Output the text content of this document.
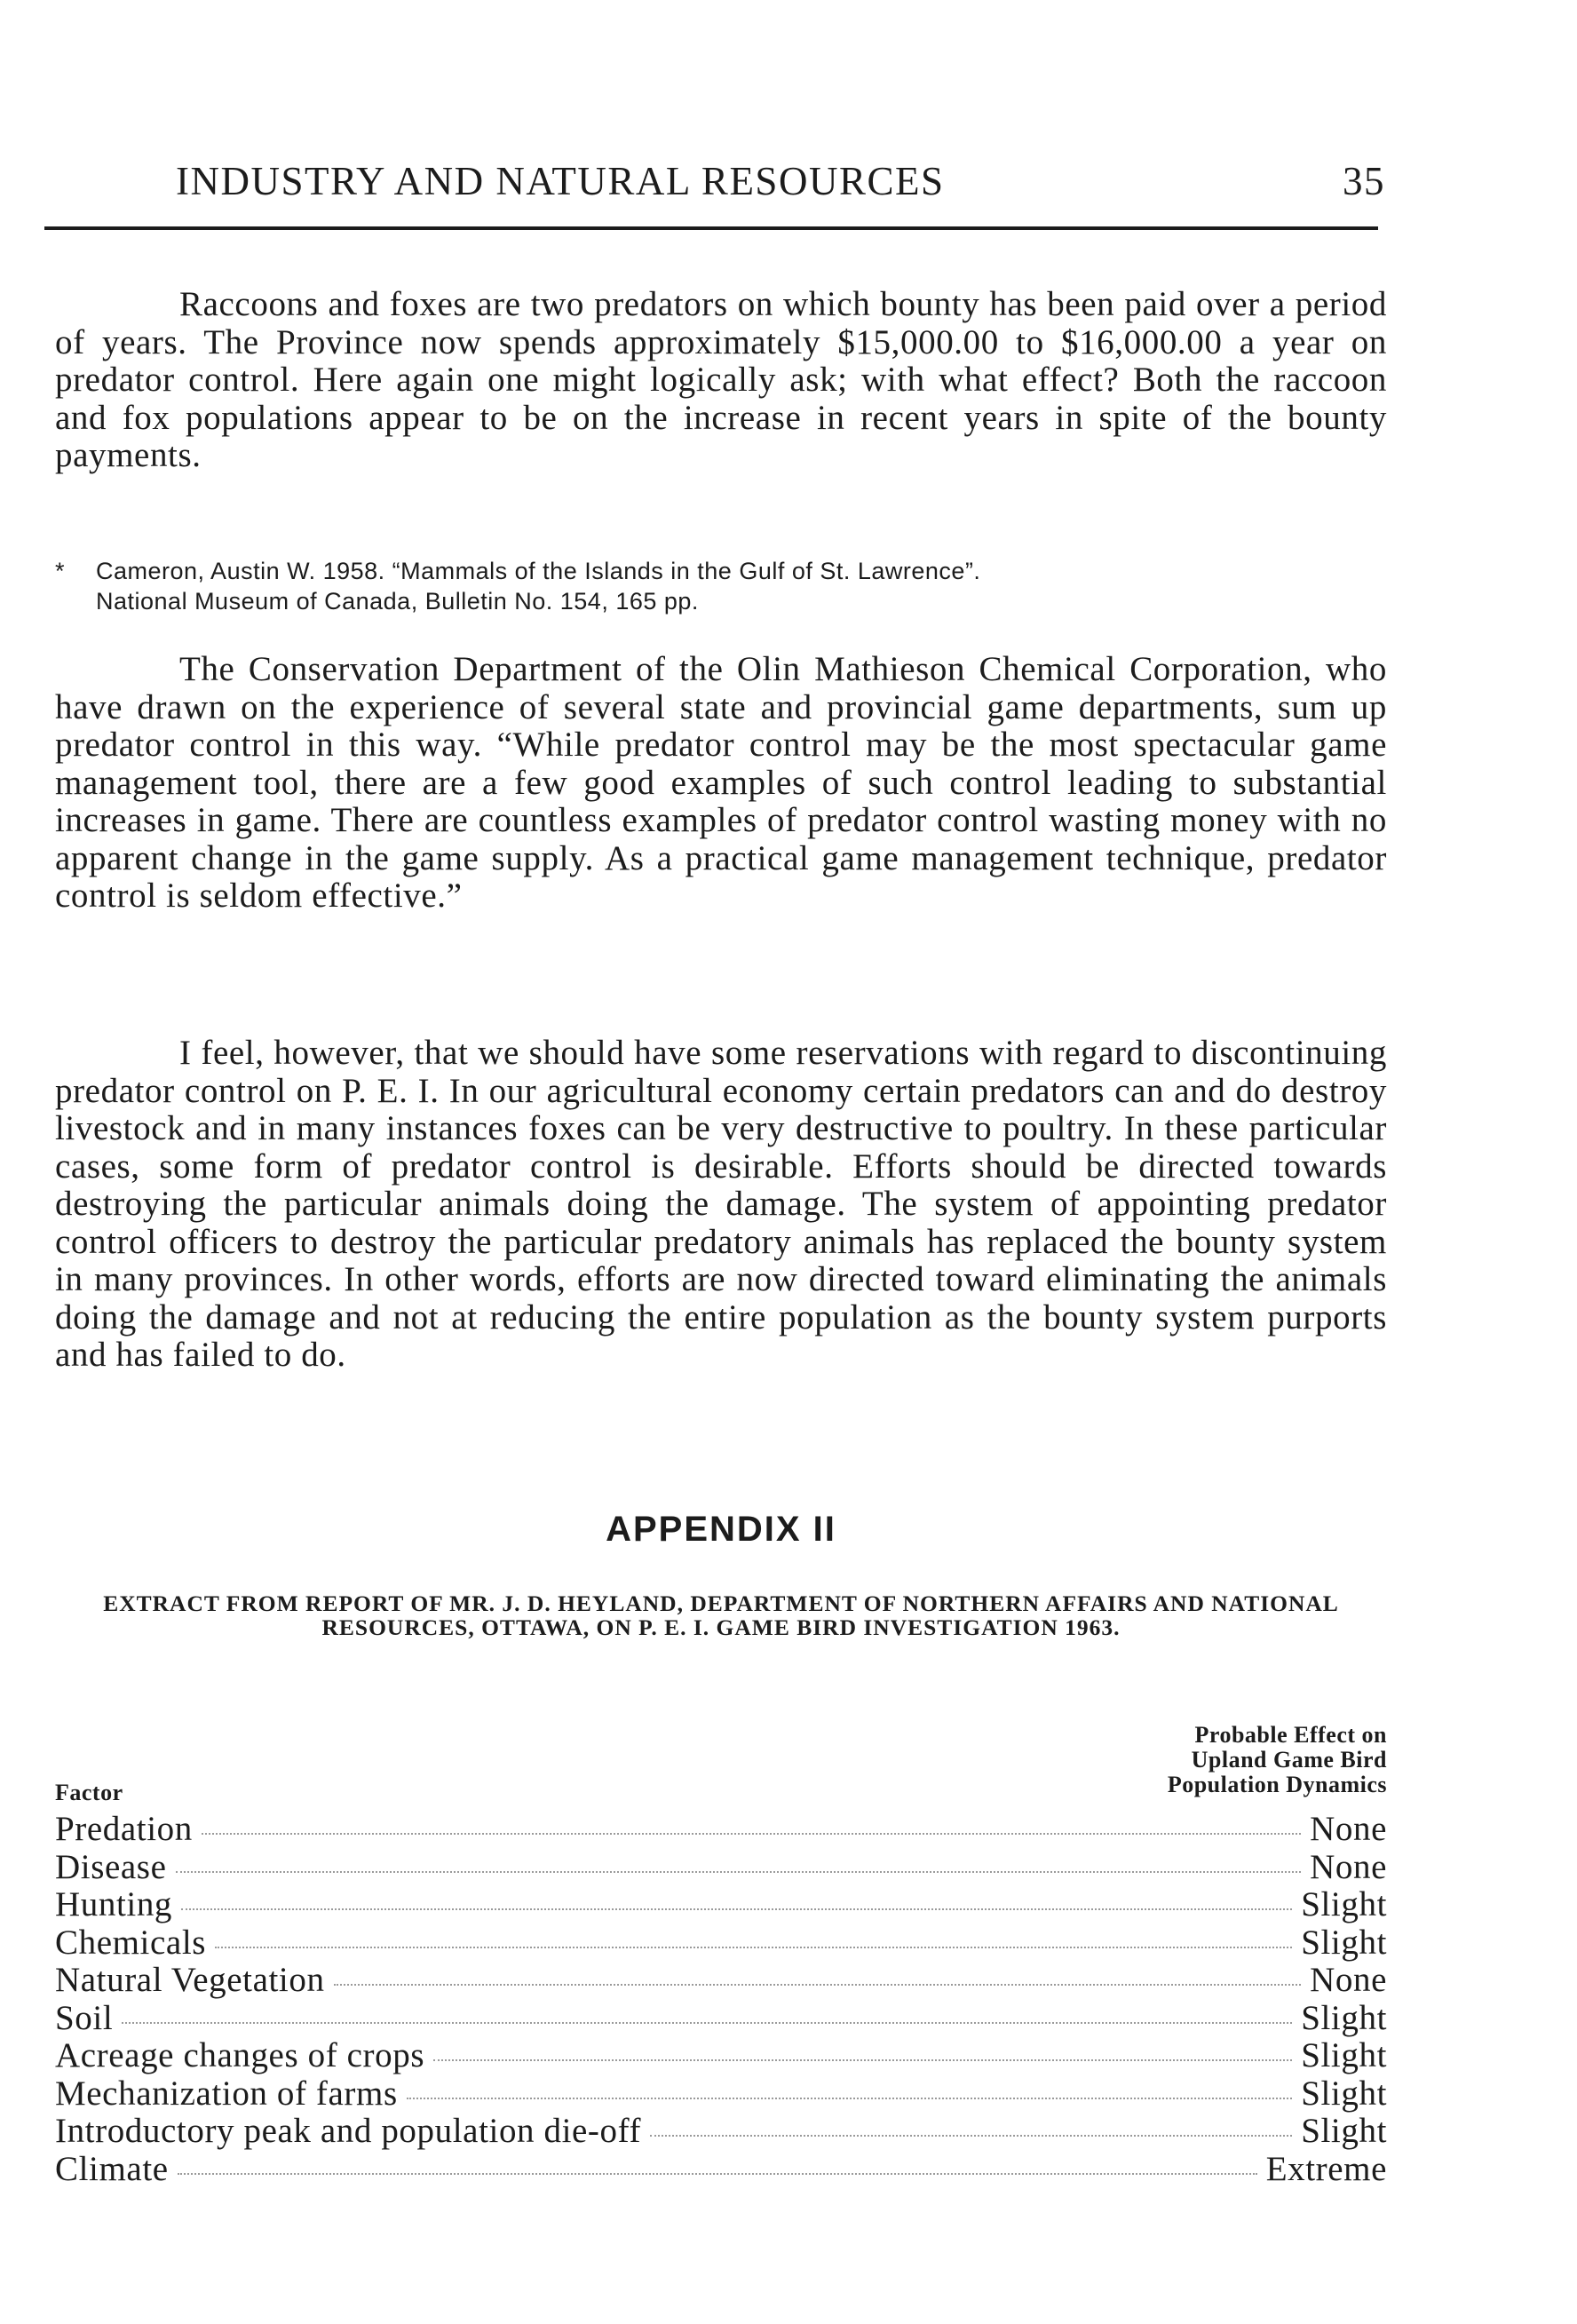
INDUSTRY AND NATURAL RESOURCES	35

Raccoons and foxes are two predators on which bounty has been paid over a period of years. The Province now spends approximately $15,000.00 to $16,000.00 a year on predator control. Here again one might logically ask; with what effect? Both the raccoon and fox populations appear to be on the increase in recent years in spite of the bounty payments.

* Cameron, Austin W. 1958. “Mammals of the Islands in the Gulf of St. Lawrence”.
National Museum of Canada, Bulletin No. 154, 165 pp.

The Conservation Department of the Olin Mathieson Chemical Corporation, who have drawn on the experience of several state and provincial game departments, sum up predator control in this way. “While predator control may be the most spectacular game management tool, there are a few good examples of such control leading to substantial increases in game. There are countless examples of predator control wasting money with no apparent change in the game supply. As a practical game management technique, predator control is seldom effective.”

I feel, however, that we should have some reservations with regard to discontinuing predator control on P. E. I. In our agricultural economy certain predators can and do destroy livestock and in many instances foxes can be very destructive to poultry. In these particular cases, some form of predator control is desirable. Efforts should be directed towards destroying the particular animals doing the damage. The system of appointing predator control officers to destroy the particular predatory animals has replaced the bounty system in many provinces. In other words, efforts are now directed toward eliminating the animals doing the damage and not at reducing the entire population as the bounty system purports and has failed to do.

APPENDIX II
EXTRACT FROM REPORT OF MR. J. D. HEYLAND, DEPARTMENT OF NORTHERN AFFAIRS AND NATIONAL RESOURCES, OTTAWA, ON P. E. I. GAME BIRD INVESTIGATION 1963.
Probable Effect on
Upland Game Bird
Population Dynamics
Factor
Predation	None
Disease	None
Hunting	Slight
Chemicals	Slight
Natural Vegetation	None
Soil	Slight
Acreage changes of crops	Slight
Mechanization of farms	Slight
Introductory peak and population die-off	Slight
Climate	Extreme
